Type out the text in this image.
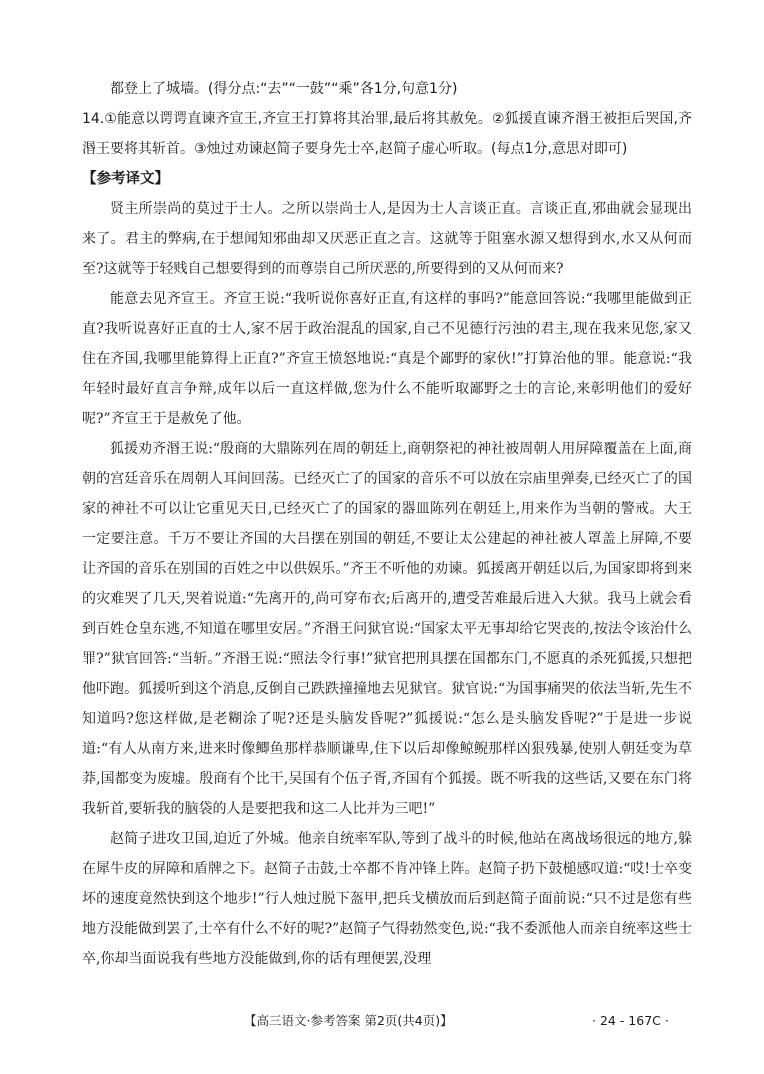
都登上了城墙。(得分点:“去”“一鼓”“乘”各1分,句意1分)

14.①能意以谔谔直谏齐宣王,齐宣王打算将其治罪,最后将其赦免。②狐援直谏齐湣王被拒后哭国,齐湣王要将其斩首。③烛过劝谏赵简子要身先士卒,赵简子虚心听取。(每点1分,意思对即可)

【参考译文】

贤主所崇尚的莫过于士人。之所以崇尚士人,是因为士人言谈正直。言谈正直,邪曲就会显现出来了。君主的弊病,在于想闻知邪曲却又厌恶正直之言。这就等于阻塞水源又想得到水,水又从何而至?这就等于轻贱自己想要得到的而尊崇自己所厌恶的,所要得到的又从何而来?

能意去见齐宣王。齐宣王说:“我听说你喜好正直,有这样的事吗?”能意回答说:“我哪里能做到正直?我听说喜好正直的士人,家不居于政治混乱的国家,自己不见德行污浊的君主,现在我来见您,家又住在齐国,我哪里能算得上正直?”齐宣王愤怒地说:“真是个鄙野的家伙!”打算治他的罪。能意说:“我年轻时最好直言争辩,成年以后一直这样做,您为什么不能听取鄙野之士的言论,来彰明他们的爱好呢?”齐宣王于是赦免了他。

狐援劝齐湣王说:“殷商的大鼎陈列在周的朝廷上,商朝祭祀的神社被周朝人用屏障覆盖在上面,商朝的宫廷音乐在周朝人耳间回荡。已经灭亡了的国家的音乐不可以放在宗庙里弹奏,已经灭亡了的国家的神社不可以让它重见天日,已经灭亡了的国家的器皿陈列在朝廷上,用来作为当朝的警戒。大王一定要注意。千万不要让齐国的大吕摆在别国的朝廷,不要让太公建起的神社被人罩盖上屏障,不要让齐国的音乐在别国的百姓之中以供娱乐。”齐王不听他的劝谏。狐援离开朝廷以后,为国家即将到来的灾难哭了几天,哭着说道:“先离开的,尚可穿布衣;后离开的,遭受苦难最后进入大狱。我马上就会看到百姓仓皇东逃,不知道在哪里安居。”齐湣王问狱官说:“国家太平无事却给它哭丧的,按法令该治什么罪?”狱官回答:“当斩。”齐湣王说:“照法令行事!”狱官把刑具摆在国都东门,不愿真的杀死狐援,只想把他吓跑。狐援听到这个消息,反倒自己跌跌撞撞地去见狱官。狱官说:“为国事痛哭的依法当斩,先生不知道吗?您这样做,是老糊涂了呢?还是头脑发昏呢?”狐援说:“怎么是头脑发昏呢?”于是进一步说道:“有人从南方来,进来时像鲫鱼那样恭顺谦卑,住下以后却像鲸鲵那样凶狠残暴,使别人朝廷变为草莽,国都变为废墟。殷商有个比干,吴国有个伍子胥,齐国有个狐援。既不听我的这些话,又要在东门将我斩首,要斩我的脑袋的人是要把我和这二人比并为三吧!”

赵简子进攻卫国,迫近了外城。他亲自统率军队,等到了战斗的时候,他站在离战场很远的地方,躲在犀牛皮的屏障和盾牌之下。赵简子击鼓,士卒都不肯冲锋上阵。赵简子扔下鼓槌感叹道:“哎!士卒变坏的速度竟然快到这个地步!”行人烛过脱下盔甲,把兵戈横放而后到赵简子面前说:“只不过是您有些地方没能做到罢了,士卒有什么不好的呢?”赵简子气得勃然变色,说:“我不委派他人而亲自统率这些士卒,你却当面说我有些地方没能做到,你的话有理便罢,没理

【高三语文·参考答案 第2页(共4页)】	· 24 - 167C ·
